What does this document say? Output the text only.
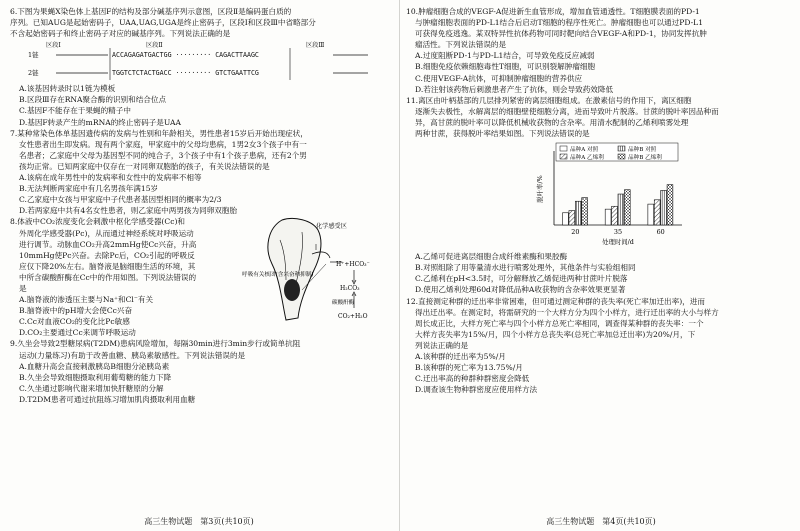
6.下图为果蝇X染色体上基因F的结构及部分碱基序列示意图，区段Ⅱ是编码蛋白质的
序列。已知AUG是起始密码子，UAA,UAG,UGA是终止密码子，区段Ⅰ和区段Ⅲ中省略部分
不含起始密码子和终止密码子对应的碱基序列。下列说法正确的是
区段Ⅰ	区段Ⅱ	区段Ⅲ
1链
2链
ACCAGAGATGACTGG ········· CAGACTTAAGC
TGGTCTCTACTGACC ········· GTCTGAATTCG
A.该基因转录时以1链为模板
B.区段Ⅲ存在RNA聚合酶的识别和结合位点
C.基因F不能存在于果蝇的精子中
D.基因F转录产生的mRNA的终止密码子是UAA
7.某种常染色体单基因遗传病的发病与性别和年龄相关，男性患者15岁后开始出现症状，
女性患者出生即发病。现有两个家庭，甲家庭中的父母均患病，1男2女3个孩子中有一
名患者；乙家庭中父母为基因型不同的纯合子，3个孩子中有1个孩子患病，还有2个男
孩均正常。已知两家庭中仅存在一对同卵双胞胎的孩子，有关说法错误的是
A.该病在成年男性中的发病率和女性中的发病率不相等
B.无法判断两家庭中有几名男孩年满15岁
C.乙家庭中女孩与甲家庭中子代患者基因型相同的概率为2/3
D.若两家庭中共有4名女性患者，则乙家庭中两男孩为同卵双胞胎
8.体液中CO₂浓度变化会刺激中枢化学感受器(Cc)和
外周化学感受器(Pc)，从而通过神经系统对呼吸运动
进行调节。动脉血CO₂升高2mmHg使Cc兴奋，升高
10mmHg使Pc兴奋。去除Pc后，CO₂引起的呼吸反
应仅下降20%左右。脑脊液是脑细胞生活的环境，其
中所含碳酸酐酶在Cc中的作用如图。下列说法错误的
是
A.脑脊液的渗透压主要与Na⁺和Cl⁻有关
B.脑脊液中的pH增大会使Cc兴奋
C.Cc对血液CO₂的变化比Pc敏感
D.CO₂主要通过Cc来调节呼吸运动
化学感受区
呼吸有关核团(含兴奋和抑制)
H⁺+HCO₃⁻
H₂CO₃
碳酸酐酶
CO₂+H₂O
9.久坐会导致2型糖尿病(T2DM)患病风险增加，每隔30min进行3min步行或简单抗阻
运动(力量练习)有助于改善血糖、胰岛素敏感性。下列说法错误的是
A.血糖升高会直接刺激胰岛B细胞分泌胰岛素
B.久坐会导致细胞摄取利用葡萄糖的能力下降
C.久坐通过影响代谢来增加快肝糖原的分解
D.T2DM患者可通过抗阻练习增加肌肉摄取利用血糖
高三生物试题　第3页(共10页)
10.肿瘤细胞合成的VEGF-A促进新生血管形成，增加血管通透性。T细胞膜表面的PD-1
与肿瘤细胞表面的PD-L1结合后启动T细胞的程序性死亡。肿瘤细胞也可以通过PD-L1
可获得免疫逃逸。某双特异性抗体药物可同时靶向结合VEGF-A和PD-1，协同发挥抗肿
瘤活性。下列说法错误的是
A.过度阻断PD-1与PD-L1结合，可导致免疫反应减弱
B.细胞免疫依赖细胞毒性T细胞，可识别裂解肿瘤细胞
C.使用VEGF-A抗体，可抑制肿瘤细胞的营养供应
D.若注射该药物后刺激患者产生了抗体，则会导致药效降低
11.离区由叶柄基部的几层排列紧密的离层细胞组成。在激素信号的作用下，离区细胞
逐渐失去极性，水解离层的细胞壁使细胞分离，进而导致叶片脱落。甘蔗的脱叶率因品种而
异，高甘蔗的脱叶率可以降低机械收获物的含杂率。用清水配制的乙烯利喷雾处理
两种甘蔗，获得脱叶率结果如图。下列说法错误的是
脱叶率/%
处理时间/d
20	35	60
品种A 对照	品种B 对照
品种A 乙烯利	品种B 乙烯利
A.乙烯可促进离层细胞合成纤维素酶和果胶酶
B.对照组除了用等量清水进行喷雾处理外，其他条件与实验组相同
C.乙烯利在pH<3.5时，可分解释放乙烯促进两种甘蔗叶片脱落
D.使用乙烯利处理60d对降低品种A收获物的含杂率效果更显著
12.直接测定种群的迁出率非常困难，但可通过测定种群的丧失率(死亡率加迁出率)，进而
得出迁出率。在测定时，将需研究的一个大样方分为四个小样方，进行迁出率的大小与样方
周长成正比，大样方死亡率与四个小样方总死亡率相同，调查得某种群的丧失率：一个
大样方丧失率为15%/月，四个小样方总丧失率(总死亡率加总迁出率)为20%/月，下
列说法正确的是
A.该种群的迁出率为5%/月
B.该种群的死亡率为13.75%/月
C.迁出率高的种群种群密度会降低
D.调查该生物种群密度应使用样方法
高三生物试题　第4页(共10页)
